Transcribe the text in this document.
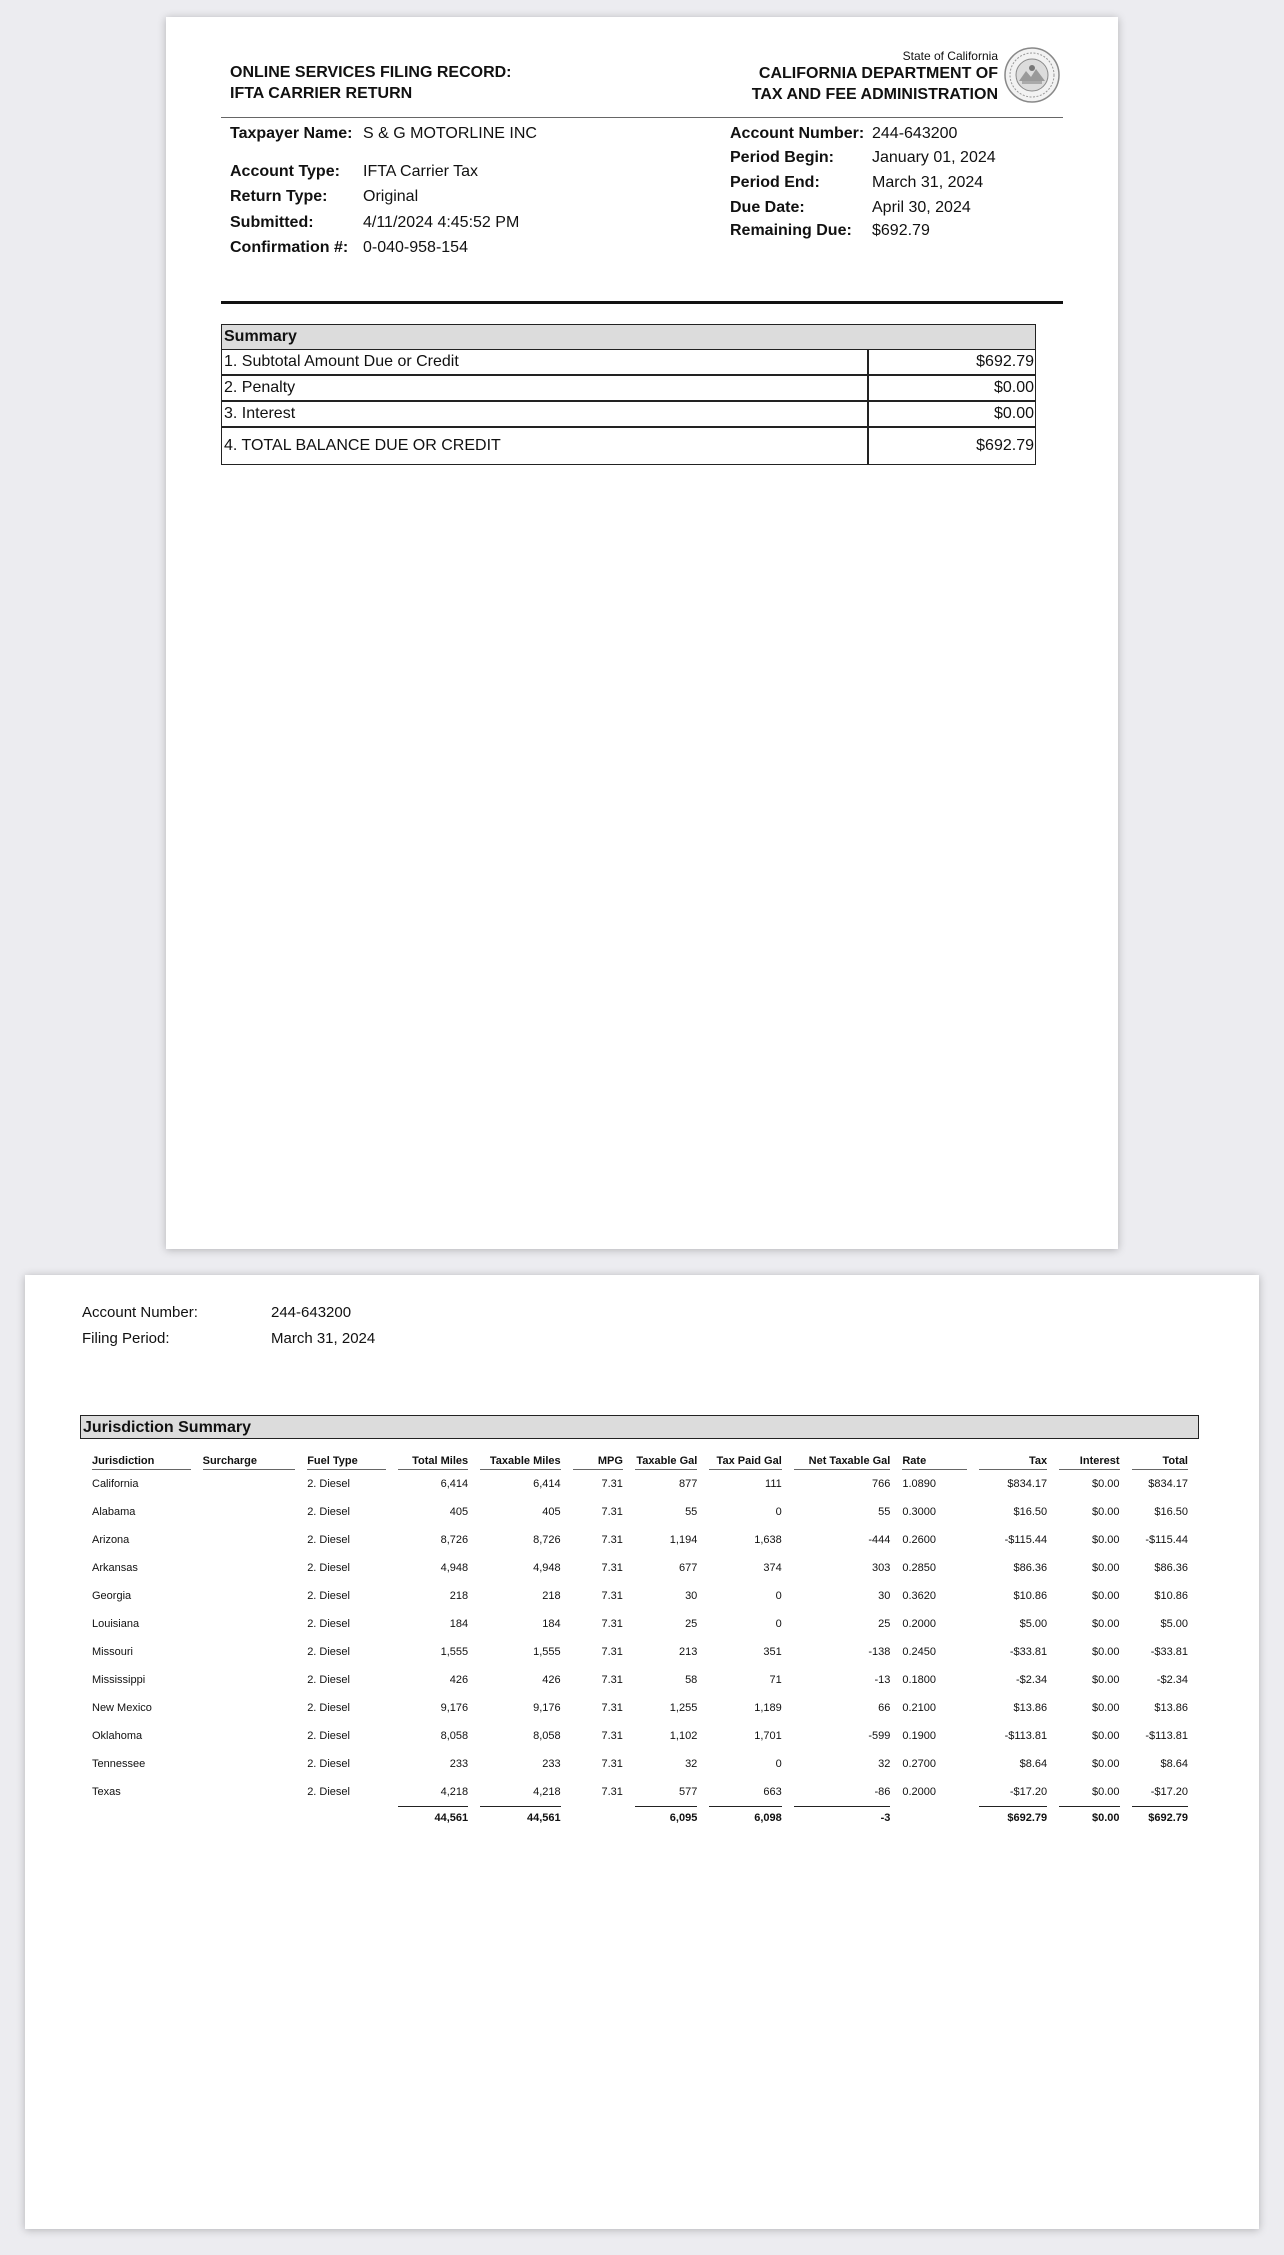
ONLINE SERVICES FILING RECORD:
IFTA CARRIER RETURN
State of California
CALIFORNIA DEPARTMENT OF
TAX AND FEE ADMINISTRATION
Taxpayer Name: S & G MOTORLINE INC
Account Type: IFTA Carrier Tax
Return Type: Original
Submitted:	4/11/2024 4:45:52 PM
Confirmation #: 0-040-958-154
Account Number: 244-643200
Period Begin: January 01, 2024
Period End:	March 31, 2024
Due Date:	April 30, 2024
Remaining Due: $692.79
Summary
1. Subtotal Amount Due or Credit	$692.79
2. Penalty	$0.00
3. Interest	$0.00
4. TOTAL BALANCE DUE OR CREDIT	$692.79
Account Number:	244-643200
Filing Period:	March 31, 2024
Jurisdiction Summary
Jurisdiction	Surcharge	Fuel Type	Total Miles	Taxable Miles	MPG	Taxable Gal	Tax Paid Gal	Net Taxable Gal	Rate	Tax	Interest	Total
California		2. Diesel	6,414	6,414	7.31	877	111	766	1.0890	$834.17	$0.00	$834.17
Alabama		2. Diesel	405	405	7.31	55	0	55	0.3000	$16.50	$0.00	$16.50
Arizona		2. Diesel	8,726	8,726	7.31	1,194	1,638	-444	0.2600	-$115.44	$0.00	-$115.44
Arkansas		2. Diesel	4,948	4,948	7.31	677	374	303	0.2850	$86.36	$0.00	$86.36
Georgia		2. Diesel	218	218	7.31	30	0	30	0.3620	$10.86	$0.00	$10.86
Louisiana		2. Diesel	184	184	7.31	25	0	25	0.2000	$5.00	$0.00	$5.00
Missouri		2. Diesel	1,555	1,555	7.31	213	351	-138	0.2450	-$33.81	$0.00	-$33.81
Mississippi		2. Diesel	426	426	7.31	58	71	-13	0.1800	-$2.34	$0.00	-$2.34
New Mexico		2. Diesel	9,176	9,176	7.31	1,255	1,189	66	0.2100	$13.86	$0.00	$13.86
Oklahoma		2. Diesel	8,058	8,058	7.31	1,102	1,701	-599	0.1900	-$113.81	$0.00	-$113.81
Tennessee		2. Diesel	233	233	7.31	32	0	32	0.2700	$8.64	$0.00	$8.64
Texas		2. Diesel	4,218	4,218	7.31	577	663	-86	0.2000	-$17.20	$0.00	-$17.20
			44,561	44,561		6,095	6,098	-3		$692.79	$0.00	$692.79
